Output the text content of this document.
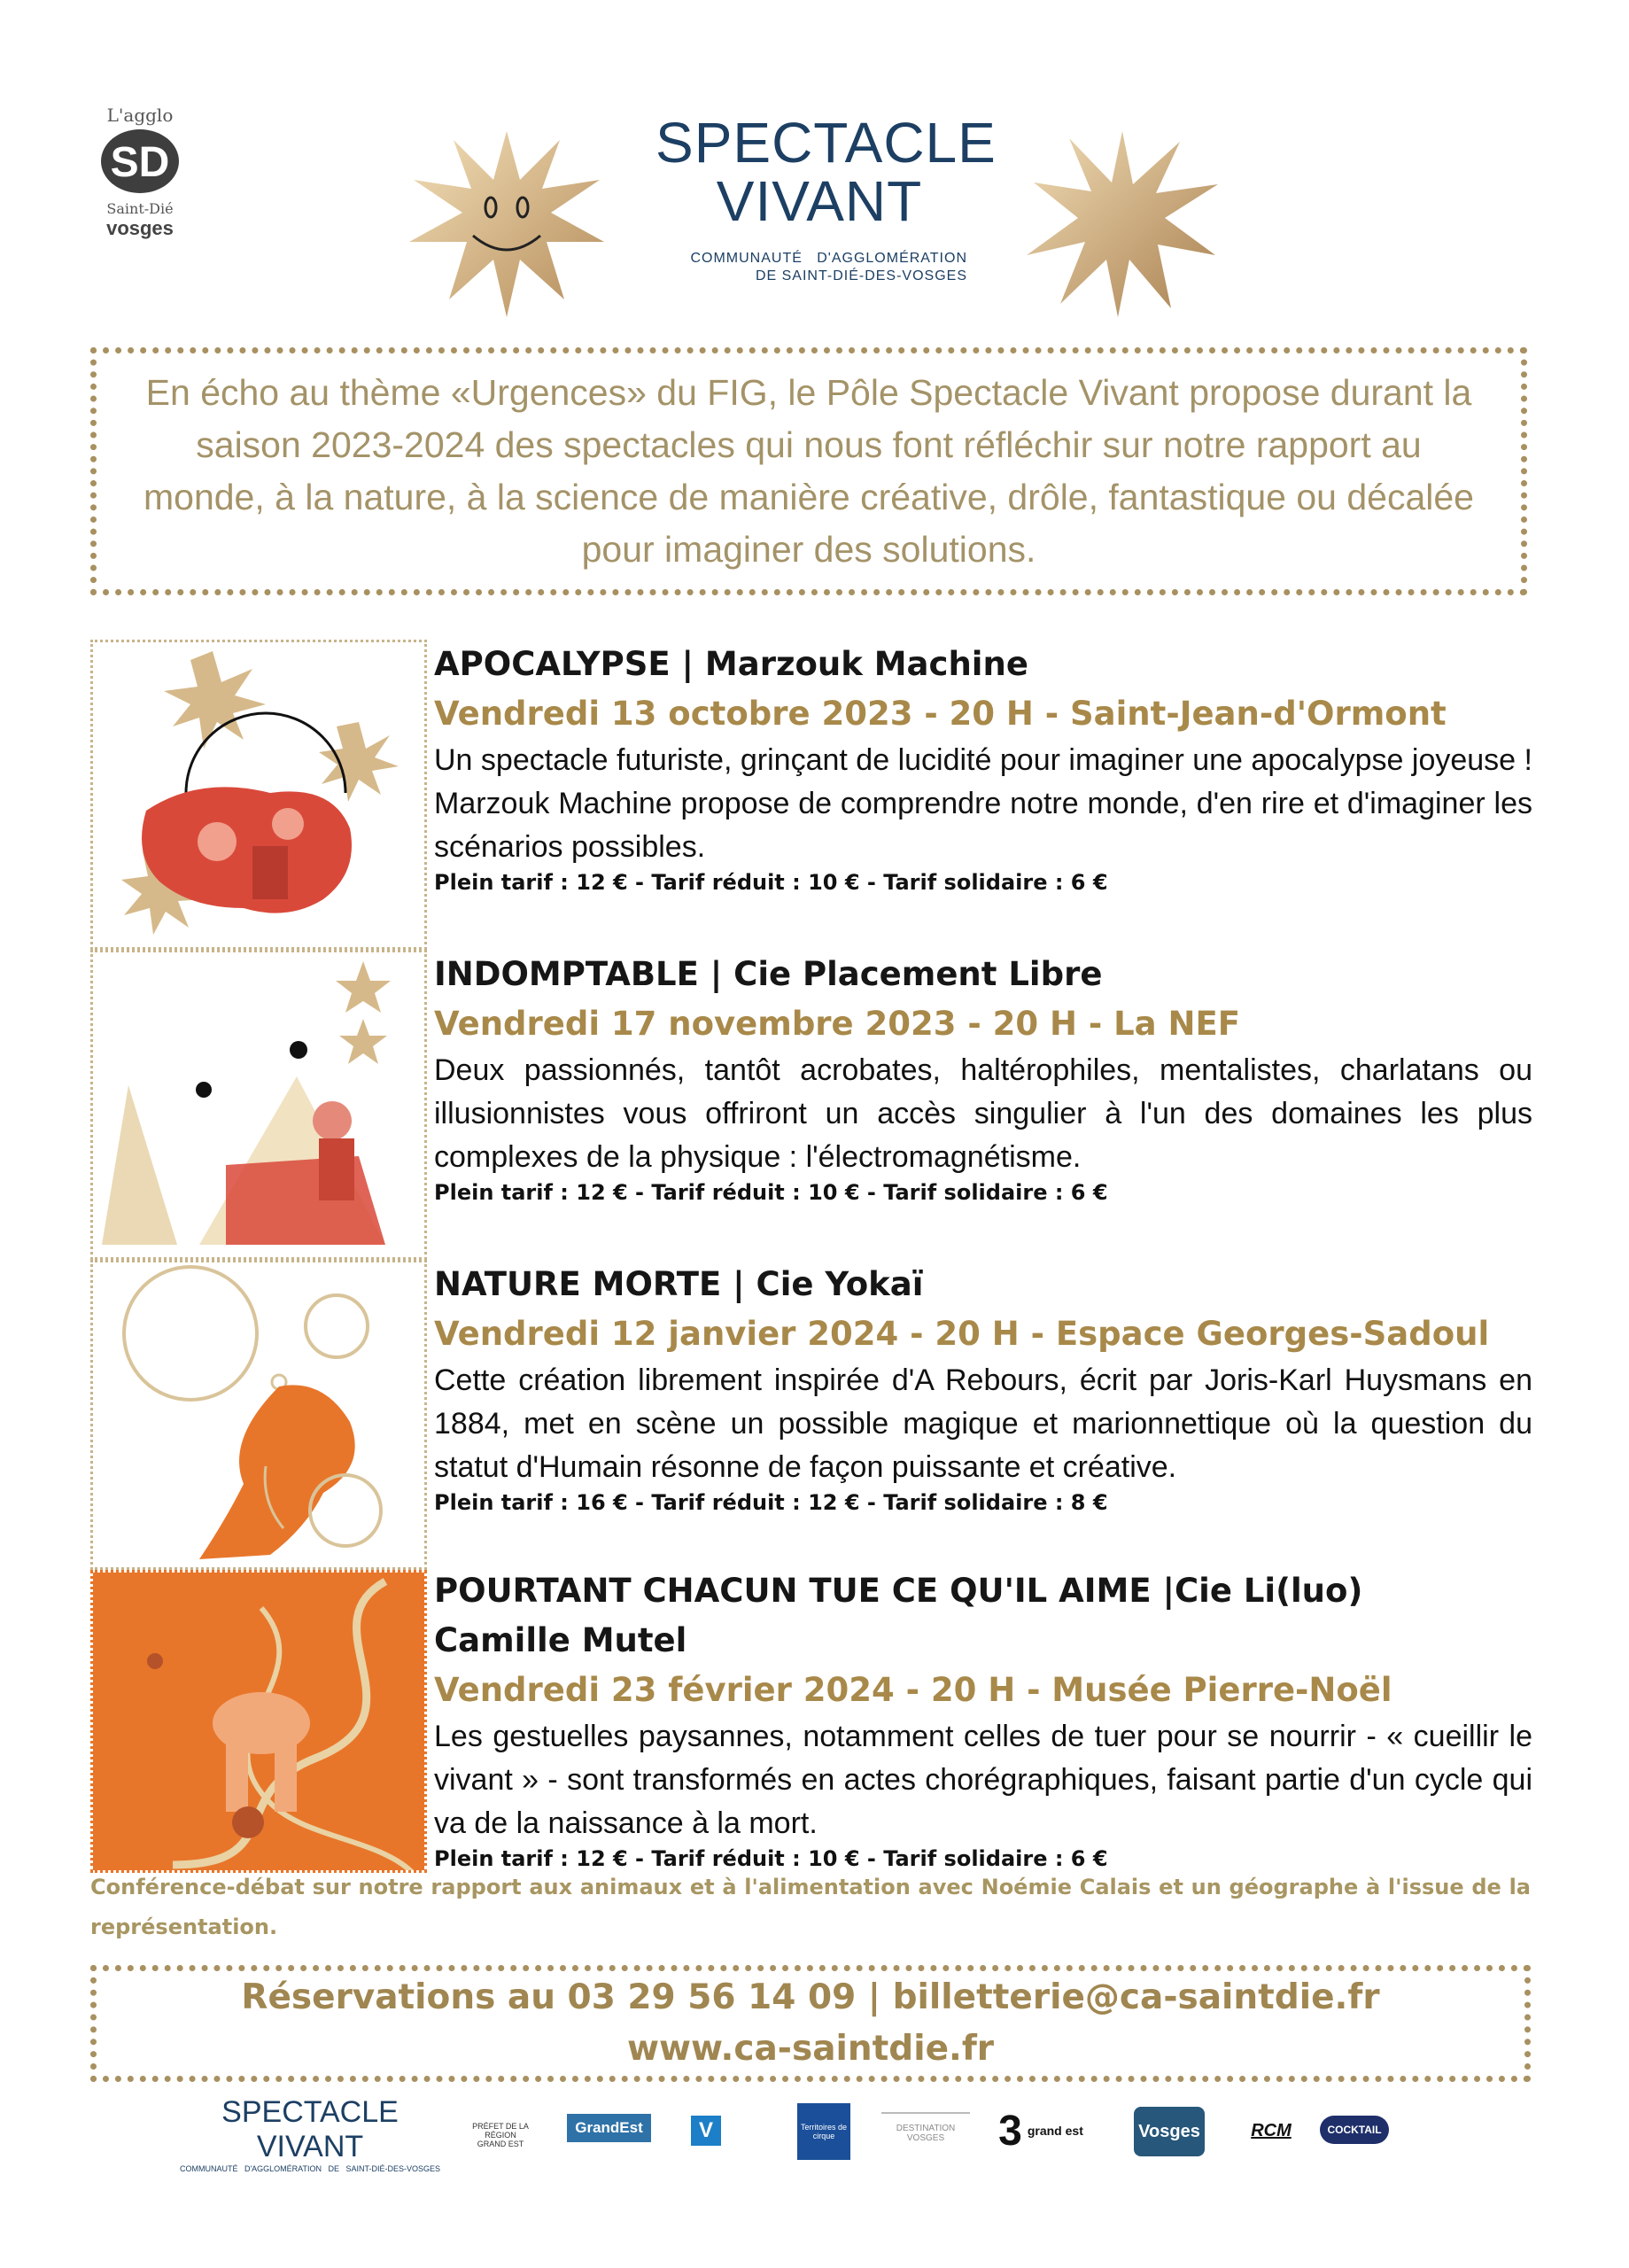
L'agglo
SD
Saint-Dié
vosges
SPECTACLE
VIVANT
COMMUNAUTÉ   D'AGGLOMÉRATION
DE SAINT-DIÉ-DES-VOSGES

En écho au thème «Urgences» du FIG, le Pôle Spectacle Vivant propose durant la saison 2023-2024 des spectacles qui nous font réfléchir sur notre rapport au monde, à la nature, à la science de manière créative, drôle, fantastique ou décalée pour imaginer des solutions.

APOCALYPSE | Marzouk Machine
Vendredi 13 octobre 2023 - 20 H - Saint-Jean-d'Ormont
Un spectacle futuriste, grinçant de lucidité pour imaginer une apocalypse joyeuse ! Marzouk Machine propose de comprendre notre monde, d'en rire et d'imaginer les scénarios possibles.
Plein tarif : 12 € - Tarif réduit : 10 € - Tarif solidaire : 6 €
INDOMPTABLE | Cie Placement Libre
Vendredi 17 novembre 2023 - 20 H - La NEF
Deux passionnés, tantôt acrobates, haltérophiles, mentalistes, charlatans ou illusionnistes vous offriront un accès singulier à l'un des domaines les plus complexes de la physique : l'électromagnétisme.
Plein tarif : 12 € - Tarif réduit : 10 € - Tarif solidaire : 6 €
NATURE MORTE | Cie Yokaï
Vendredi 12 janvier 2024 - 20 H - Espace Georges-Sadoul
Cette création librement inspirée d'A Rebours, écrit par Joris-Karl Huysmans en 1884, met en scène un possible magique et marionnettique où la question du statut d'Humain résonne de façon puissante et créative.
Plein tarif : 16 € - Tarif réduit : 12 € - Tarif solidaire : 8 €
POURTANT CHACUN TUE CE QU'IL AIME |Cie Li(luo)
Camille Mutel
Vendredi 23 février 2024 - 20 H - Musée Pierre-Noël
Les gestuelles paysannes, notamment celles de tuer pour se nourrir - « cueillir le vivant » - sont transformés en actes chorégraphiques, faisant partie d'un cycle qui va de la naissance à la mort.
Plein tarif : 12 € - Tarif réduit : 10 € - Tarif solidaire : 6 €
Conférence-débat sur notre rapport aux animaux et à l'alimentation avec Noémie Calais et un géographe à l'issue de la représentation.
Réservations au 03 29 56 14 09 | billetterie@ca-saintdie.fr
www.ca-saintdie.fr
SPECTACLE VIVANT
COMMUNAUTÉ   D'AGGLOMÉRATION   DE   SAINT-DIÉ-DES-VOSGES
PRÉFET DE LA RÉGION GRAND EST
GrandEst	V	Territoires de cirque
DESTINATION VOSGES	3 grand est	Vosges	RCM	COCKTAIL
